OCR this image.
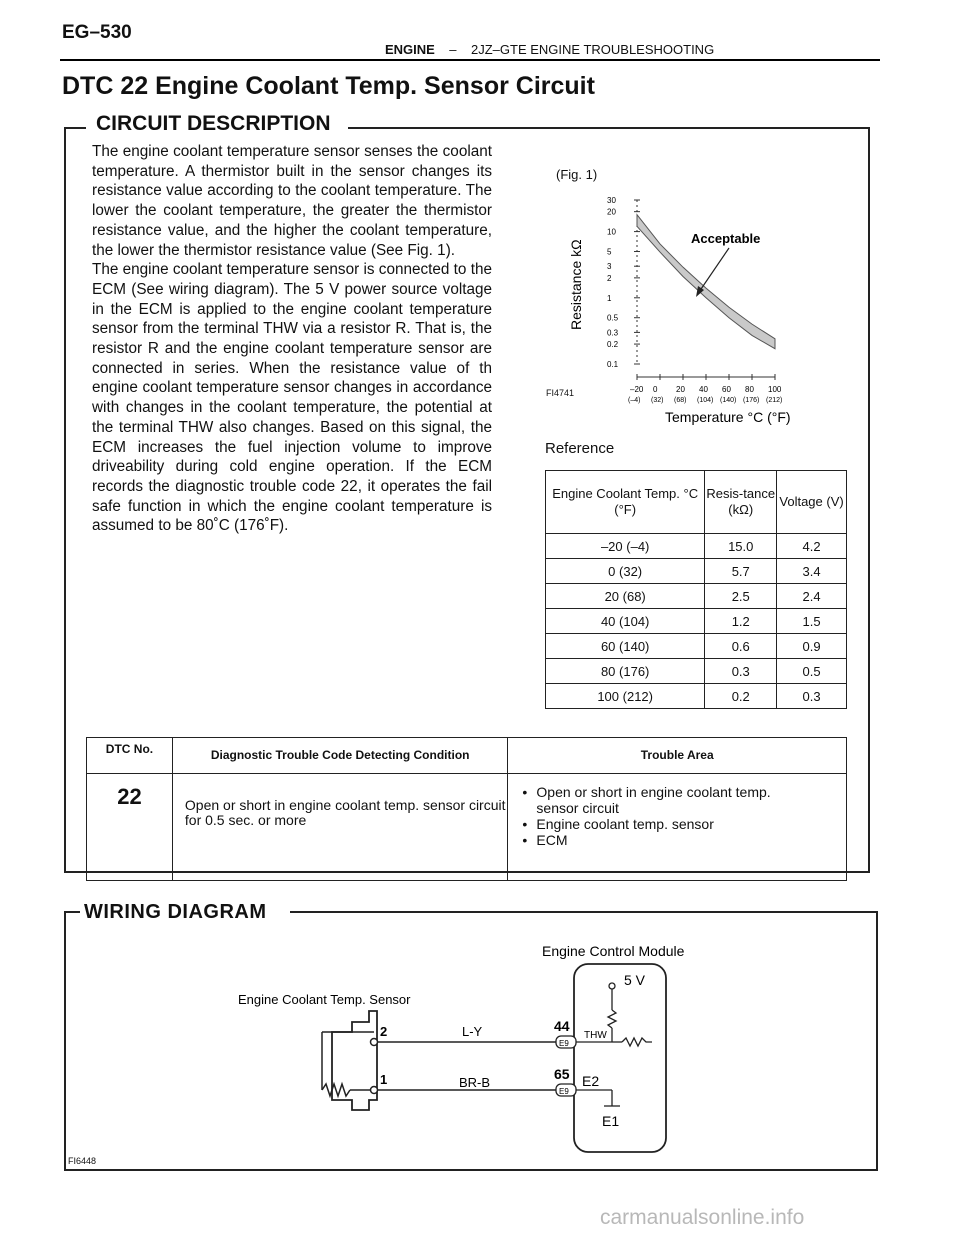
EG–530
ENGINE – 2JZ–GTE ENGINE TROUBLESHOOTING
DTC 22 Engine Coolant Temp. Sensor Circuit
CIRCUIT DESCRIPTION
The engine coolant temperature sensor senses the coolant temperature. A thermistor built in the sensor changes its resistance value according to the coolant temperature. The lower the coolant temperature, the greater the thermistor resistance value, and the higher the coolant temperature, the lower the thermistor resistance value (See Fig. 1).
The engine coolant temperature sensor is connected to the ECM (See wiring diagram). The 5 V power source voltage in the ECM is applied to the engine coolant temperature sensor from the terminal THW via a resistor R. That is, the resistor R and the engine coolant temperature sensor are connected in series. When the resistance value of th engine coolant temperature sensor changes in accordance with changes in the coolant temperature, the potential at the terminal THW also changes. Based on this signal, the ECM increases the fuel injection volume to improve driveability during cold engine operation. If the ECM records the diagnostic trouble code 22, it operates the fail safe function in which the engine coolant temperature is assumed to be 80˚C (176˚F).
(Fig. 1)
Resistance kΩ
30
20
10
5
3
2
1
0.5
0.3
0.2
0.1
–20
(–4)
0
(32)
20
(68)
40
(104)
60
(140)
80
(176)
100
(212)
Acceptable
Temperature °C (°F)
FI4741
Reference
Engine Coolant Temp. °C (°F)	Resis-tance (kΩ)	Voltage (V)
–20 (–4)	15.0	4.2
0 (32)	5.7	3.4
20 (68)	2.5	2.4
40 (104)	1.2	1.5
60 (140)	0.6	0.9
80 (176)	0.3	0.5
100 (212)	0.2	0.3
DTC No.	Diagnostic Trouble Code Detecting Condition	Trouble Area
22	Open or short in engine coolant temp. sensor circuit for 0.5 sec. or more	• Open or short in engine coolant temp.
sensor circuit
• Engine coolant temp. sensor
• ECM
WIRING DIAGRAM
Engine Control Module
Engine Coolant Temp. Sensor
2
1
L-Y
BR-B
44
E9
65
E9
THW
5 V
E2
E1
FI6448
carmanualsonline.info
